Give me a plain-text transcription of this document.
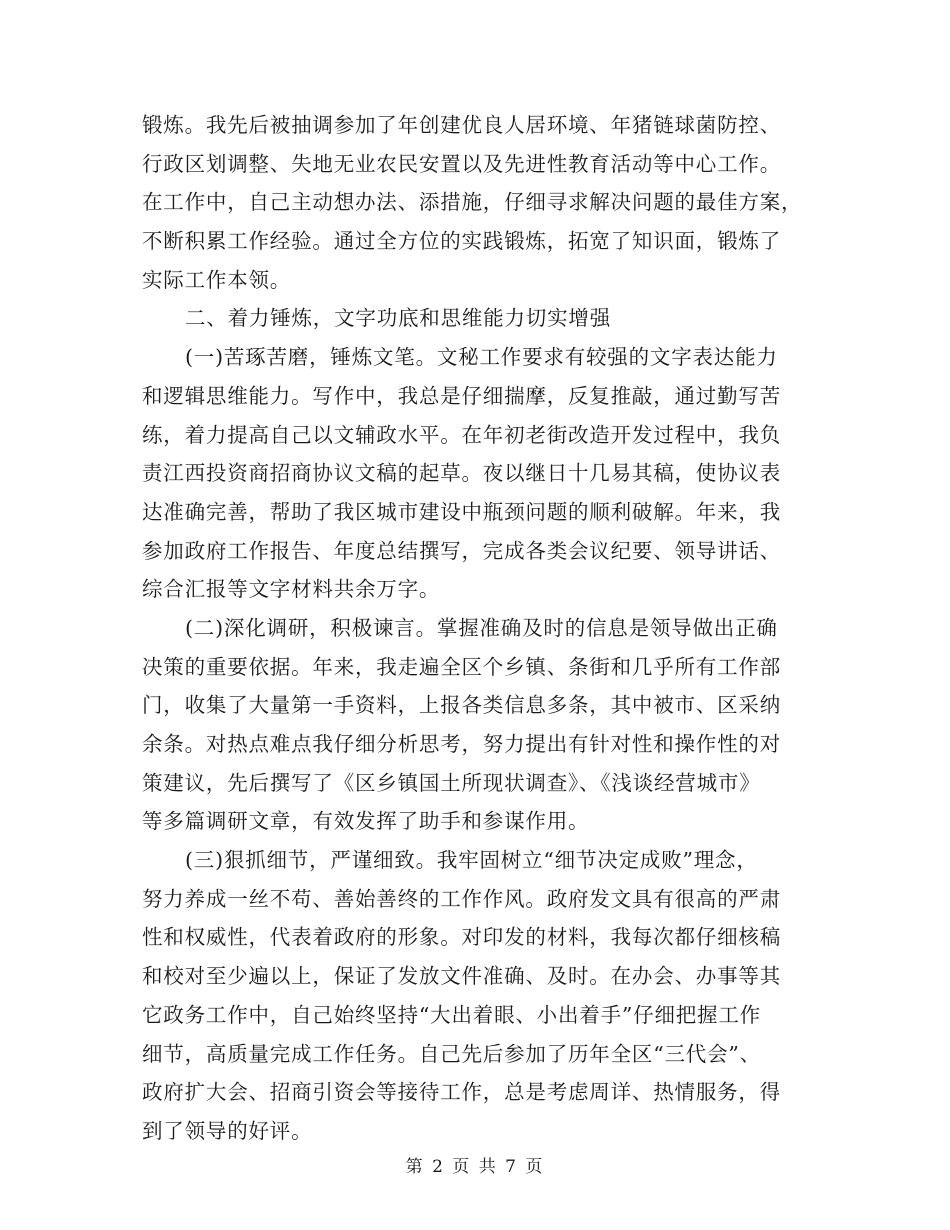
锻炼。我先后被抽调参加了年创建优良人居环境、年猪链球菌防控、
行政区划调整、失地无业农民安置以及先进性教育活动等中心工作。
在工作中，自己主动想办法、添措施，仔细寻求解决问题的最佳方案，
不断积累工作经验。通过全方位的实践锻炼，拓宽了知识面，锻炼了
实际工作本领。
二、着力锤炼，文字功底和思维能力切实增强
(一)苦琢苦磨，锤炼文笔。文秘工作要求有较强的文字表达能力
和逻辑思维能力。写作中，我总是仔细揣摩，反复推敲，通过勤写苦
练，着力提高自己以文辅政水平。在年初老街改造开发过程中，我负
责江西投资商招商协议文稿的起草。夜以继日十几易其稿，使协议表
达准确完善，帮助了我区城市建设中瓶颈问题的顺利破解。年来，我
参加政府工作报告、年度总结撰写，完成各类会议纪要、领导讲话、
综合汇报等文字材料共余万字。
(二)深化调研，积极谏言。掌握准确及时的信息是领导做出正确
决策的重要依据。年来，我走遍全区个乡镇、条街和几乎所有工作部
门，收集了大量第一手资料，上报各类信息多条，其中被市、区采纳
余条。对热点难点我仔细分析思考，努力提出有针对性和操作性的对
策建议，先后撰写了《区乡镇国土所现状调查》、《浅谈经营城市》
等多篇调研文章，有效发挥了助手和参谋作用。
(三)狠抓细节，严谨细致。我牢固树立“细节决定成败”理念，
努力养成一丝不苟、善始善终的工作作风。政府发文具有很高的严肃
性和权威性，代表着政府的形象。对印发的材料，我每次都仔细核稿
和校对至少遍以上，保证了发放文件准确、及时。在办会、办事等其
它政务工作中，自己始终坚持“大出着眼、小出着手”仔细把握工作
细节，高质量完成工作任务。自己先后参加了历年全区“三代会”、
政府扩大会、招商引资会等接待工作，总是考虑周详、热情服务，得
到了领导的好评。
第 2 页 共 7 页
